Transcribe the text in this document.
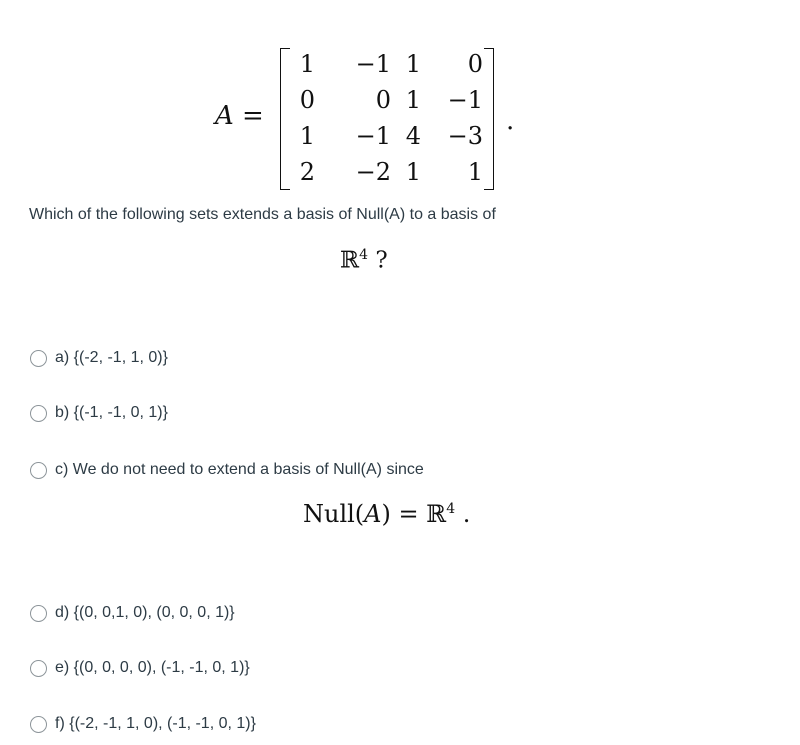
A =
1	−1 1	0
0	0 1	−1
1	−1 4	−3
2	−2 1	1
.
Which of the following sets extends a basis of Null(A) to a basis of
ℝ$^4$ ?
a) {(-2, -1, 1, 0)}
b) {(-1, -1, 0, 1)}
c) We do not need to extend a basis of Null(A) since
Null(A) = ℝ$^4$ .
d) {(0, 0,1, 0), (0, 0, 0, 1)}
e) {(0, 0, 0, 0), (-1, -1, 0, 1)}
f) {(-2, -1, 1, 0), (-1, -1, 0, 1)}
